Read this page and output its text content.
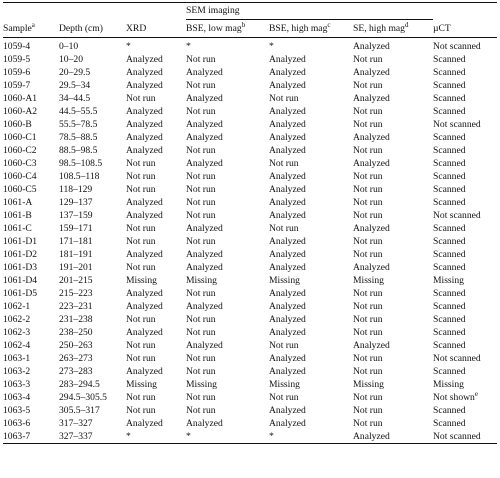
			SEM imaging			
Sample$^a$	Depth (cm)	XRD	BSE, low mag$^b$	BSE, high mag$^c$	SE, high mag$^d$	µCT
1059-4	0–10	*	*	*	Analyzed	Not scanned
1059-5	10–20	Analyzed	Not run	Analyzed	Not run	Scanned
1059-6	20–29.5	Analyzed	Analyzed	Analyzed	Analyzed	Scanned
1059-7	29.5–34	Analyzed	Not run	Analyzed	Not run	Scanned
1060-A1	34–44.5	Not run	Analyzed	Not run	Analyzed	Scanned
1060-A2	44.5–55.5	Analyzed	Not run	Analyzed	Not run	Scanned
1060-B	55.5–78.5	Analyzed	Analyzed	Analyzed	Not run	Not scanned
1060-C1	78.5–88.5	Analyzed	Analyzed	Analyzed	Analyzed	Scanned
1060-C2	88.5–98.5	Analyzed	Not run	Analyzed	Not run	Scanned
1060-C3	98.5–108.5	Not run	Analyzed	Not run	Analyzed	Scanned
1060-C4	108.5–118	Not run	Not run	Analyzed	Not run	Scanned
1060-C5	118–129	Not run	Not run	Analyzed	Not run	Scanned
1061-A	129–137	Analyzed	Not run	Analyzed	Not run	Scanned
1061-B	137–159	Analyzed	Not run	Analyzed	Not run	Not scanned
1061-C	159–171	Not run	Analyzed	Not run	Analyzed	Scanned
1061-D1	171–181	Not run	Not run	Analyzed	Not run	Scanned
1061-D2	181–191	Analyzed	Analyzed	Analyzed	Not run	Scanned
1061-D3	191–201	Not run	Analyzed	Analyzed	Analyzed	Scanned
1061-D4	201–215	Missing	Missing	Missing	Missing	Missing
1061-D5	215–223	Analyzed	Not run	Analyzed	Not run	Scanned
1062-1	223–231	Analyzed	Analyzed	Analyzed	Not run	Scanned
1062-2	231–238	Not run	Not run	Analyzed	Not run	Scanned
1062-3	238–250	Analyzed	Not run	Analyzed	Not run	Scanned
1062-4	250–263	Not run	Analyzed	Not run	Analyzed	Scanned
1063-1	263–273	Not run	Not run	Analyzed	Not run	Not scanned
1063-2	273–283	Analyzed	Not run	Analyzed	Not run	Scanned
1063-3	283–294.5	Missing	Missing	Missing	Missing	Missing
1063-4	294.5–305.5	Not run	Not run	Not run	Not run	Not shown$^e$
1063-5	305.5–317	Not run	Not run	Analyzed	Not run	Scanned
1063-6	317–327	Analyzed	Analyzed	Analyzed	Not run	Scanned
1063-7	327–337	*	*	*	Analyzed	Not scanned
